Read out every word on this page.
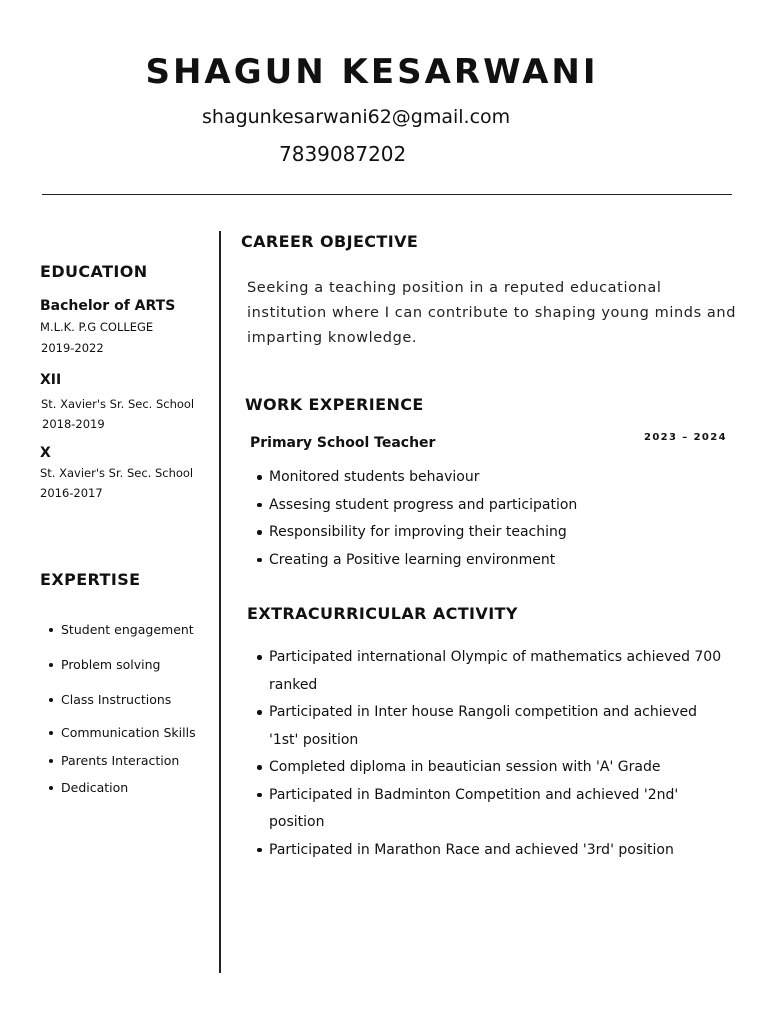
SHAGUN KESARWANI
shagunkesarwani62@gmail.com
7839087202
EDUCATION
Bachelor of ARTS
M.L.K. P.G COLLEGE
2019-2022
XII
St. Xavier's Sr. Sec. School
2018-2019
X
St. Xavier's Sr. Sec. School
2016-2017
EXPERTISE
Student engagement
Problem solving
Class Instructions
Communication Skills
Parents Interaction
Dedication
CAREER OBJECTIVE
Seeking a teaching position in a reputed educational institution where I can contribute to shaping young minds and imparting knowledge.
WORK EXPERIENCE
Primary School Teacher	2023 – 2024
Monitored students behaviour
Assesing student progress and participation
Responsibility for improving their teaching
Creating a Positive learning environment
EXTRACURRICULAR ACTIVITY
Participated international Olympic of mathematics achieved 700 ranked
Participated in Inter house Rangoli competition and achieved '1st' position
Completed diploma in beautician session with 'A' Grade
Participated in Badminton Competition and achieved '2nd' position
Participated in Marathon Race and achieved '3rd' position
